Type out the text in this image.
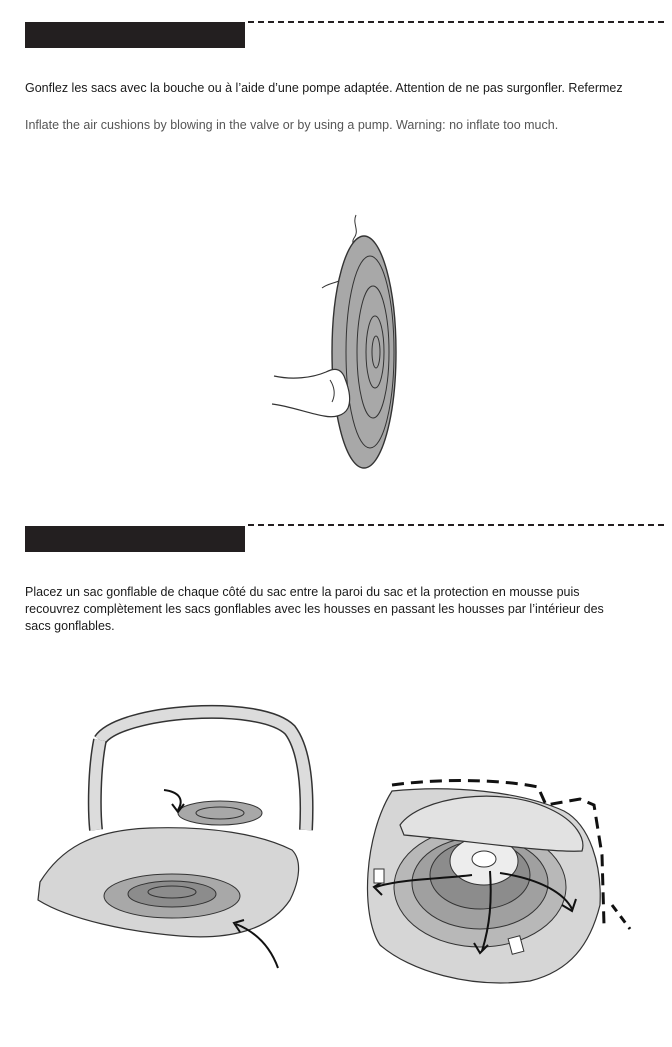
Gonflez les sacs avec la bouche ou à l’aide d’une pompe adaptée. Attention de ne pas surgonfler. Refermez
Inflate the air cushions by blowing in the valve or by using a pump. Warning: no inflate too much.
Placez un sac gonflable de chaque côté du sac entre la paroi du sac et la protection en mousse puis recouvrez complètement les sacs gonflables avec les housses en passant les housses par l’intérieur des sacs gonflables.
